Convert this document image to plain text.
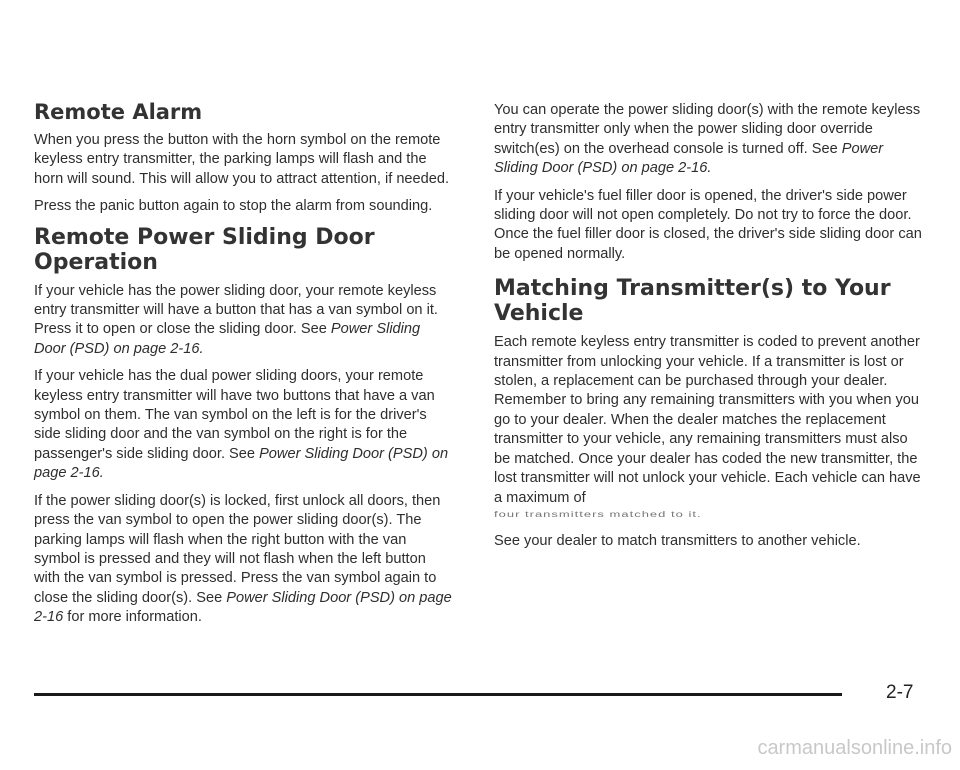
Remote Alarm

When you press the button with the horn symbol on the remote keyless entry transmitter, the parking lamps will flash and the horn will sound. This will allow you to attract attention, if needed.

Press the panic button again to stop the alarm from sounding.

Remote Power Sliding Door Operation

If your vehicle has the power sliding door, your remote keyless entry transmitter will have a button that has a van symbol on it. Press it to open or close the sliding door. See Power Sliding Door (PSD) on page 2-16.

If your vehicle has the dual power sliding doors, your remote keyless entry transmitter will have two buttons that have a van symbol on them. The van symbol on the left is for the driver's side sliding door and the van symbol on the right is for the passenger's side sliding door. See Power Sliding Door (PSD) on page 2-16.

If the power sliding door(s) is locked, first unlock all doors, then press the van symbol to open the power sliding door(s). The parking lamps will flash when the right button with the van symbol is pressed and they will not flash when the left button with the van symbol is pressed. Press the van symbol again to close the sliding door(s). See Power Sliding Door (PSD) on page 2-16 for more information.

You can operate the power sliding door(s) with the remote keyless entry transmitter only when the power sliding door override switch(es) on the overhead console is turned off. See Power Sliding Door (PSD) on page 2-16.

If your vehicle's fuel filler door is opened, the driver's side power sliding door will not open completely. Do not try to force the door. Once the fuel filler door is closed, the driver's side sliding door can be opened normally.

Matching Transmitter(s) to Your Vehicle

Each remote keyless entry transmitter is coded to prevent another transmitter from unlocking your vehicle. If a transmitter is lost or stolen, a replacement can be purchased through your dealer. Remember to bring any remaining transmitters with you when you go to your dealer. When the dealer matches the replacement transmitter to your vehicle, any remaining transmitters must also be matched. Once your dealer has coded the new transmitter, the lost transmitter will not unlock your vehicle. Each vehicle can have a maximum of

four transmitters matched to it.

See your dealer to match transmitters to another vehicle.

2-7
carmanualsonline.info
